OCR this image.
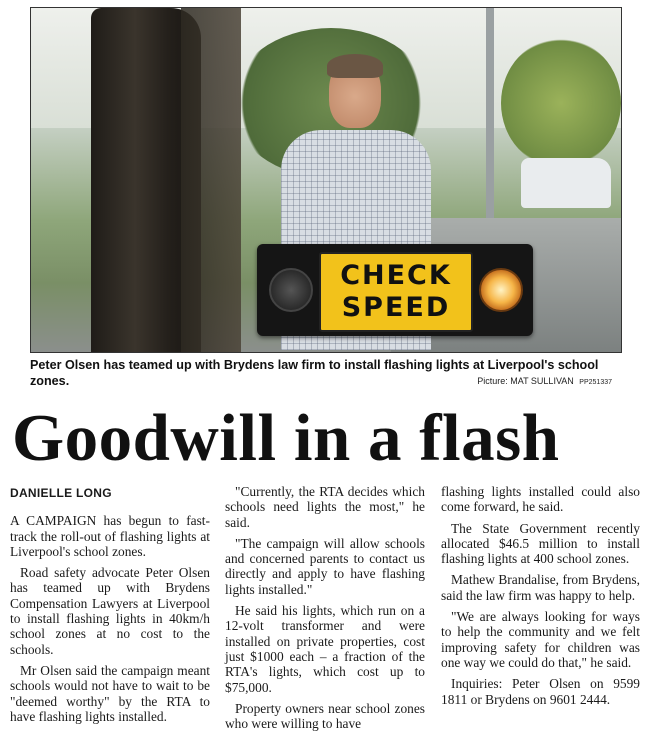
CHECK
SPEED
Peter Olsen has teamed up with Brydens law firm to install flashing lights at Liverpool's school zones.	Picture: MAT SULLIVAN PP251337
Goodwill in a flash
DANIELLE LONG

A CAMPAIGN has begun to fast-track the roll-out of flashing lights at Liverpool's school zones.

Road safety advocate Peter Olsen has teamed up with Brydens Compensation Lawyers at Liverpool to install flashing lights in 40km/h school zones at no cost to the schools.

Mr Olsen said the campaign meant schools would not have to wait to be "deemed worthy" by the RTA to have flashing lights installed.

"Currently, the RTA decides which schools need lights the most," he said.

"The campaign will allow schools and concerned parents to contact us directly and apply to have flashing lights installed."

He said his lights, which run on a 12-volt transformer and were installed on private properties, cost just $1000 each – a fraction of the RTA's lights, which cost up to $75,000.

Property owners near school zones who were willing to have

flashing lights installed could also come forward, he said.

The State Government recently allocated $46.5 million to install flashing lights at 400 school zones.

Mathew Brandalise, from Brydens, said the law firm was happy to help.

"We are always looking for ways to help the community and we felt improving safety for children was one way we could do that," he said.

Inquiries: Peter Olsen on 9599 1811 or Brydens on 9601 2444.
